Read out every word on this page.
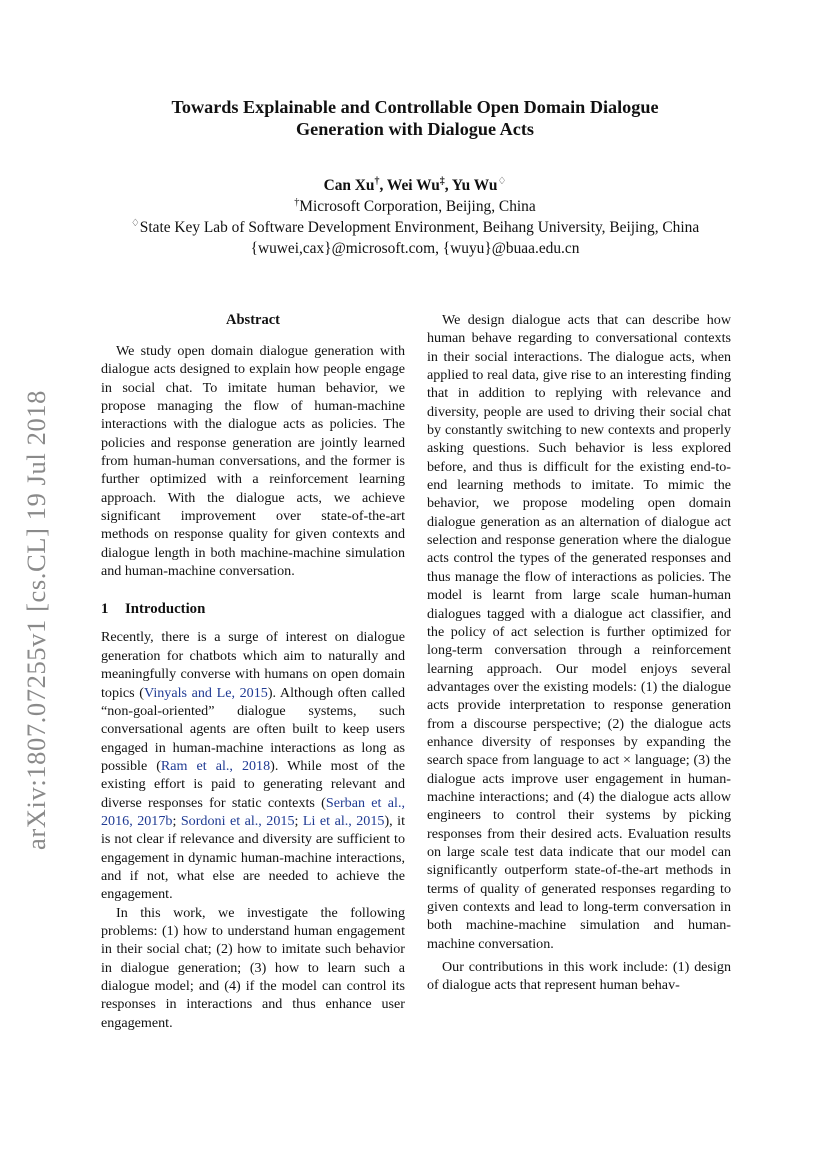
arXiv:1807.07255v1 [cs.CL] 19 Jul 2018
Towards Explainable and Controllable Open Domain Dialogue
Generation with Dialogue Acts
Can Xu†, Wei Wu‡, Yu Wu♢
†Microsoft Corporation, Beijing, China
♢State Key Lab of Software Development Environment, Beihang University, Beijing, China
{wuwei,cax}@microsoft.com, {wuyu}@buaa.edu.cn
Abstract

We study open domain dialogue generation with dialogue acts designed to explain how people engage in social chat. To imitate human behavior, we propose managing the flow of human-machine interactions with the dialogue acts as policies. The policies and response generation are jointly learned from human-human conversations, and the former is further optimized with a reinforcement learning approach. With the dialogue acts, we achieve significant improvement over state-of-the-art methods on response quality for given contexts and dialogue length in both machine-machine simulation and human-machine conversation.

1 Introduction

Recently, there is a surge of interest on dialogue generation for chatbots which aim to naturally and meaningfully converse with humans on open domain topics (Vinyals and Le, 2015). Although often called “non-goal-oriented” dialogue systems, such conversational agents are often built to keep users engaged in human-machine interactions as long as possible (Ram et al., 2018). While most of the existing effort is paid to generating relevant and diverse responses for static contexts (Serban et al., 2016, 2017b; Sordoni et al., 2015; Li et al., 2015), it is not clear if relevance and diversity are sufficient to engagement in dynamic human-machine interactions, and if not, what else are needed to achieve the engagement.

In this work, we investigate the following problems: (1) how to understand human engagement in their social chat; (2) how to imitate such behavior in dialogue generation; (3) how to learn such a dialogue model; and (4) if the model can control its responses in interactions and thus enhance user engagement.

We design dialogue acts that can describe how human behave regarding to conversational contexts in their social interactions. The dialogue acts, when applied to real data, give rise to an interesting finding that in addition to replying with relevance and diversity, people are used to driving their social chat by constantly switching to new contexts and properly asking questions. Such behavior is less explored before, and thus is difficult for the existing end-to-end learning methods to imitate. To mimic the behavior, we propose modeling open domain dialogue generation as an alternation of dialogue act selection and response generation where the dialogue acts control the types of the generated responses and thus manage the flow of interactions as policies. The model is learnt from large scale human-human dialogues tagged with a dialogue act classifier, and the policy of act selection is further optimized for long-term conversation through a reinforcement learning approach. Our model enjoys several advantages over the existing models: (1) the dialogue acts provide interpretation to response generation from a discourse perspective; (2) the dialogue acts enhance diversity of responses by expanding the search space from language to act × language; (3) the dialogue acts improve user engagement in human-machine interactions; and (4) the dialogue acts allow engineers to control their systems by picking responses from their desired acts. Evaluation results on large scale test data indicate that our model can significantly outperform state-of-the-art methods in terms of quality of generated responses regarding to given contexts and lead to long-term conversation in both machine-machine simulation and human-machine conversation.

Our contributions in this work include: (1) design of dialogue acts that represent human behav-
